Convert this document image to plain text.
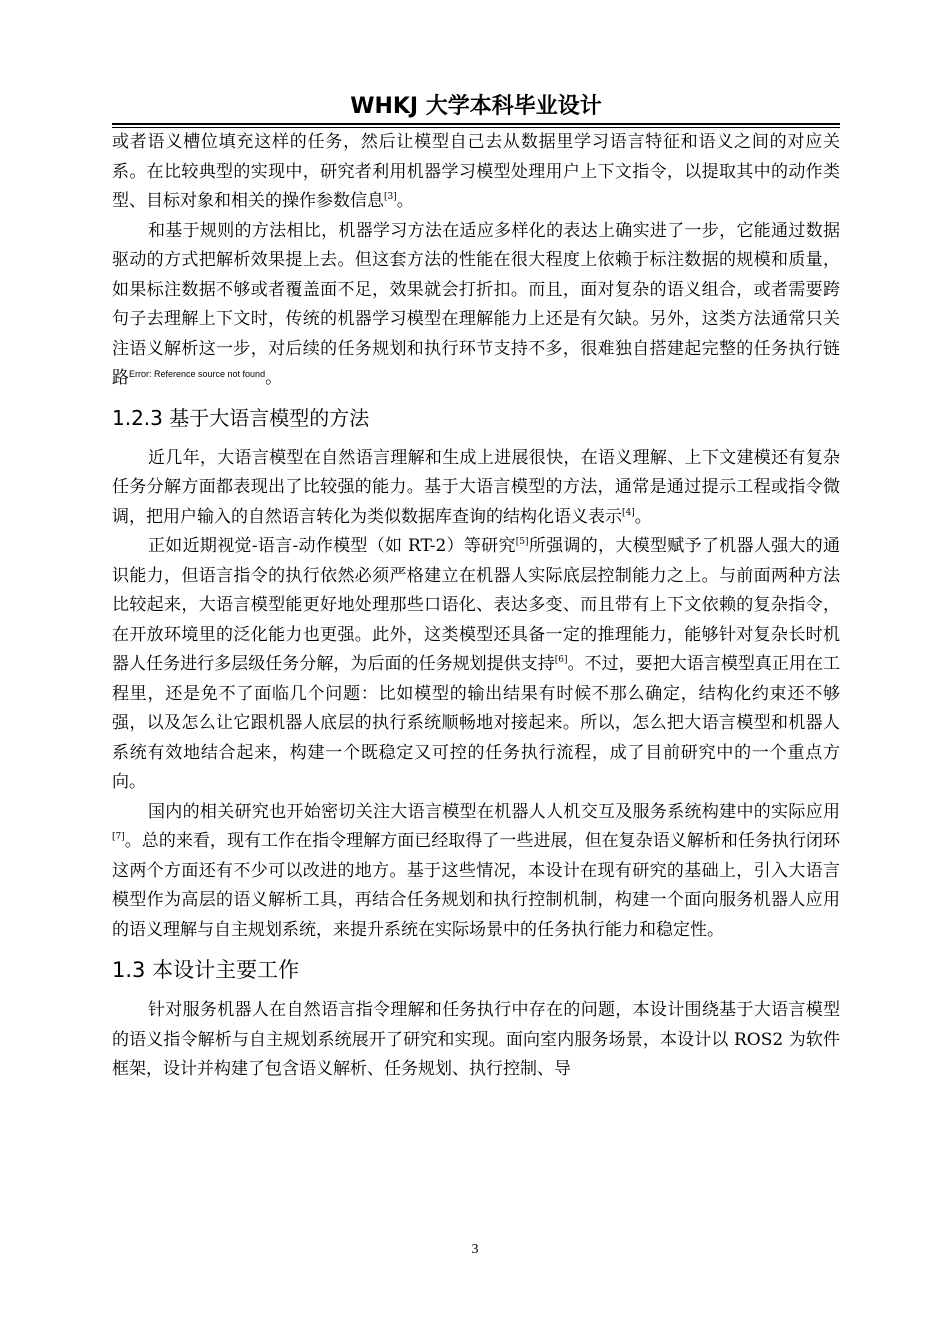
WHKJ 大学本科毕业设计

或者语义槽位填充这样的任务，然后让模型自己去从数据里学习语言特征和语义之间的对应关系。在比较典型的实现中，研究者利用机器学习模型处理用户上下文指令，以提取其中的动作类型、目标对象和相关的操作参数信息[3]。

和基于规则的方法相比，机器学习方法在适应多样化的表达上确实进了一步，它能通过数据驱动的方式把解析效果提上去。但这套方法的性能在很大程度上依赖于标注数据的规模和质量，如果标注数据不够或者覆盖面不足，效果就会打折扣。而且，面对复杂的语义组合，或者需要跨句子去理解上下文时，传统的机器学习模型在理解能力上还是有欠缺。另外，这类方法通常只关注语义解析这一步，对后续的任务规划和执行环节支持不多，很难独自搭建起完整的任务执行链路$^{Error: Reference source not found}$。

1.2.3 基于大语言模型的方法

近几年，大语言模型在自然语言理解和生成上进展很快，在语义理解、上下文建模还有复杂任务分解方面都表现出了比较强的能力。基于大语言模型的方法，通常是通过提示工程或指令微调，把用户输入的自然语言转化为类似数据库查询的结构化语义表示[4]。

正如近期视觉-语言-动作模型（如 RT-2）等研究[5]所强调的，大模型赋予了机器人强大的通识能力，但语言指令的执行依然必须严格建立在机器人实际底层控制能力之上。与前面两种方法比较起来，大语言模型能更好地处理那些口语化、表达多变、而且带有上下文依赖的复杂指令，在开放环境里的泛化能力也更强。此外，这类模型还具备一定的推理能力，能够针对复杂长时机器人任务进行多层级任务分解，为后面的任务规划提供支持[6]。不过，要把大语言模型真正用在工程里，还是免不了面临几个问题：比如模型的输出结果有时候不那么确定，结构化约束还不够强，以及怎么让它跟机器人底层的执行系统顺畅地对接起来。所以，怎么把大语言模型和机器人系统有效地结合起来，构建一个既稳定又可控的任务执行流程，成了目前研究中的一个重点方向。

国内的相关研究也开始密切关注大语言模型在机器人人机交互及服务系统构建中的实际应用[7]。总的来看，现有工作在指令理解方面已经取得了一些进展，但在复杂语义解析和任务执行闭环这两个方面还有不少可以改进的地方。基于这些情况，本设计在现有研究的基础上，引入大语言模型作为高层的语义解析工具，再结合任务规划和执行控制机制，构建一个面向服务机器人应用的语义理解与自主规划系统，来提升系统在实际场景中的任务执行能力和稳定性。

1.3 本设计主要工作

针对服务机器人在自然语言指令理解和任务执行中存在的问题，本设计围绕基于大语言模型的语义指令解析与自主规划系统展开了研究和实现。面向室内服务场景，本设计以 ROS2 为软件框架，设计并构建了包含语义解析、任务规划、执行控制、导

3
